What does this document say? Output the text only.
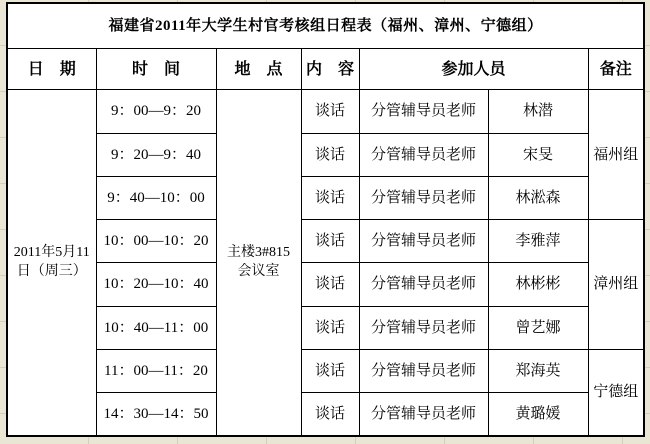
福建省2011年大学生村官考核组日程表（福州、漳州、宁德组）						
日　期	时　间	地　点	内　容	参加人员		备注
2011年5月11日（周三）	9：00—9：20	主楼3#815会议室	谈话	分管辅导员老师	林潜	福州组
	9：20—9：40		谈话	分管辅导员老师	宋旻	
	9：40—10：00		谈话	分管辅导员老师	林淞森	
	10：00—10：20		谈话	分管辅导员老师	李雅萍	漳州组
	10：20—10：40		谈话	分管辅导员老师	林彬彬	
	10：40—11：00		谈话	分管辅导员老师	曾艺娜	
	11：00—11：20		谈话	分管辅导员老师	郑海英	宁德组
	14：30—14：50		谈话	分管辅导员老师	黄璐媛	
